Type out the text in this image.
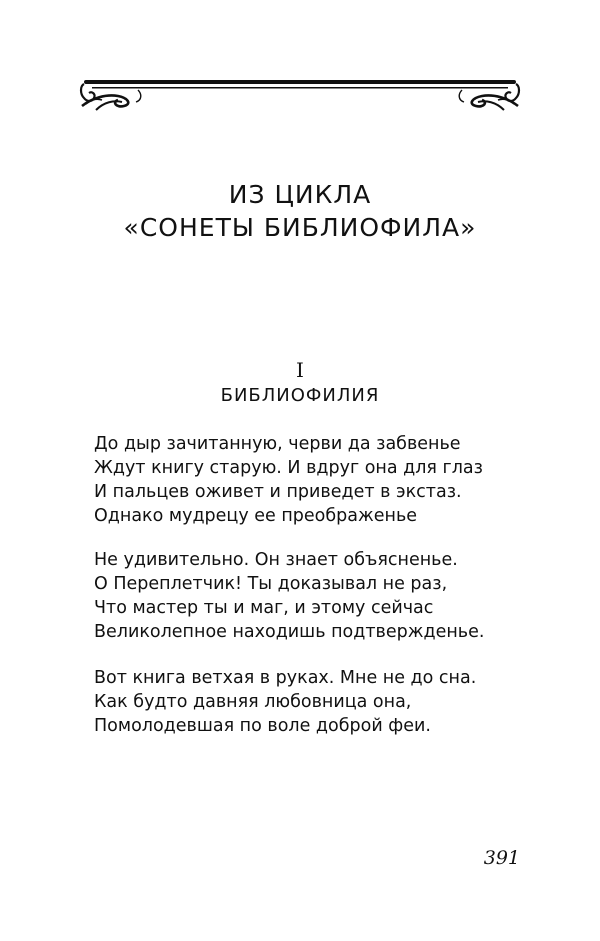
ИЗ ЦИКЛА
«СОНЕТЫ БИБЛИОФИЛА»
I
БИБЛИОФИЛИЯ
До дыр зачитанную, черви да забвенье
Ждут книгу старую. И вдруг она для глаз
И пальцев оживет и приведет в экстаз.
Однако мудрецу ее преображенье
Не удивительно. Он знает объясненье.
О Переплетчик! Ты доказывал не раз,
Что мастер ты и маг, и этому сейчас
Великолепное находишь подтвержденье.
Вот книга ветхая в руках. Мне не до сна.
Как будто давняя любовница она,
Помолодевшая по воле доброй феи.
391
